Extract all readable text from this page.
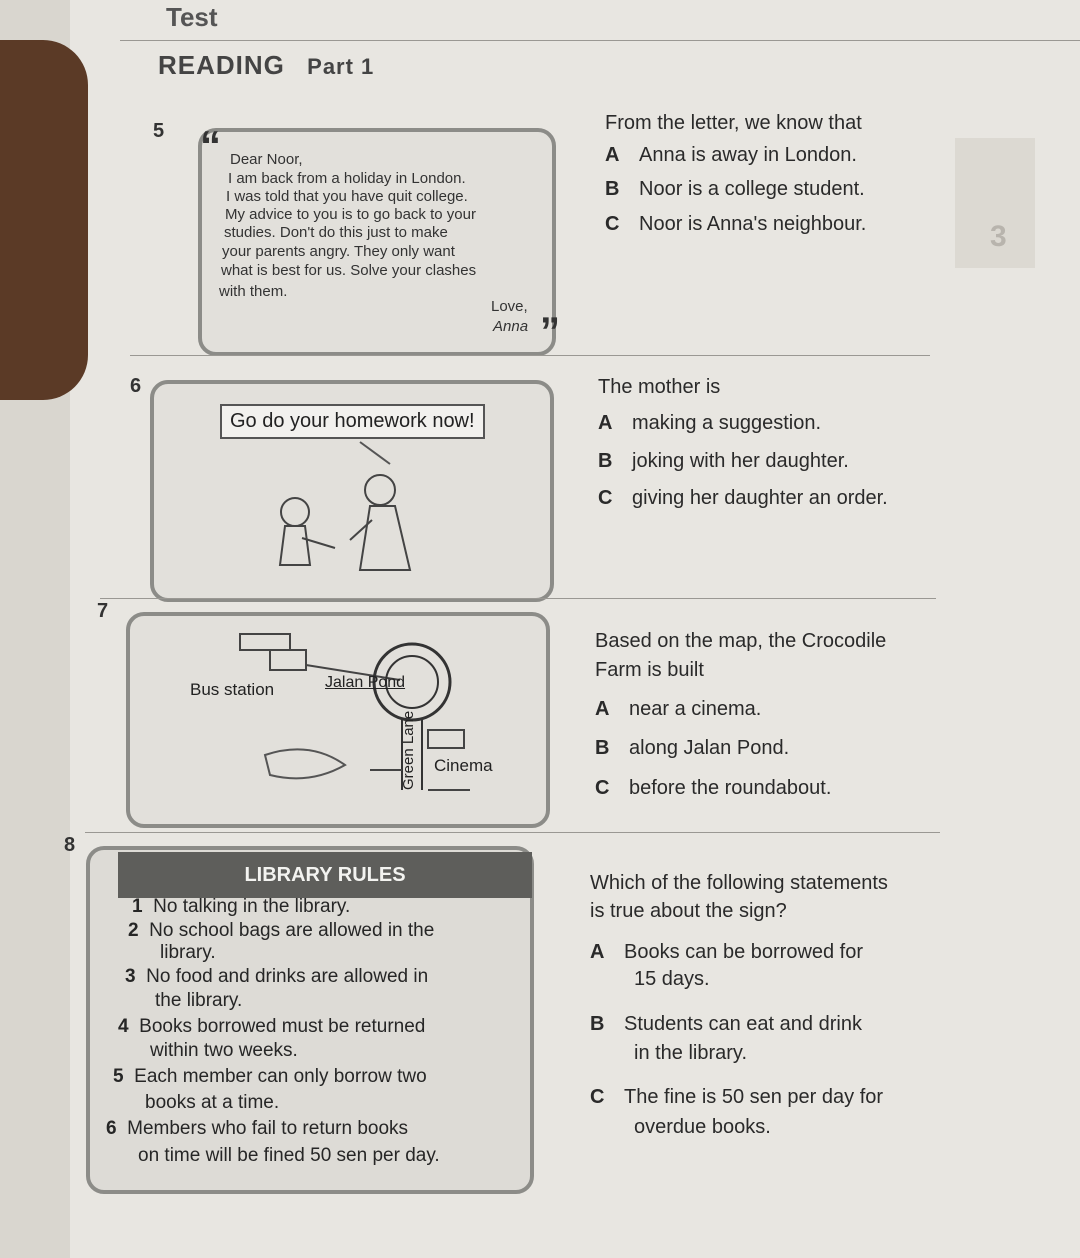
Test
READING Part 1
3
5 “ Dear Noor,
I am back from a holiday in London.
I was told that you have quit college.
My advice to you is to go back to your
studies. Don't do this just to make
your parents angry. They only want
what is best for us. Solve your clashes
with them.
Love,
Anna ”
From the letter, we know that
A Anna is away in London.
B Noor is a college student.
C Noor is Anna's neighbour.
6
Go do your homework now!
The mother is
A making a suggestion.
B joking with her daughter.
C giving her daughter an order.
7
Bus station	Jalan Pond
Green Lane Cinema
Based on the map, the Crocodile
Farm is built
A near a cinema.
B along Jalan Pond.
C before the roundabout.
8
LIBRARY RULES
1 No talking in the library.
2 No school bags are allowed in the
library.
3 No food and drinks are allowed in
the library.
4 Books borrowed must be returned
within two weeks.
5 Each member can only borrow two
books at a time.
6 Members who fail to return books
on time will be fined 50 sen per day.
Which of the following statements
is true about the sign?
A Books can be borrowed for
15 days.
B Students can eat and drink
in the library.
C The fine is 50 sen per day for
overdue books.
